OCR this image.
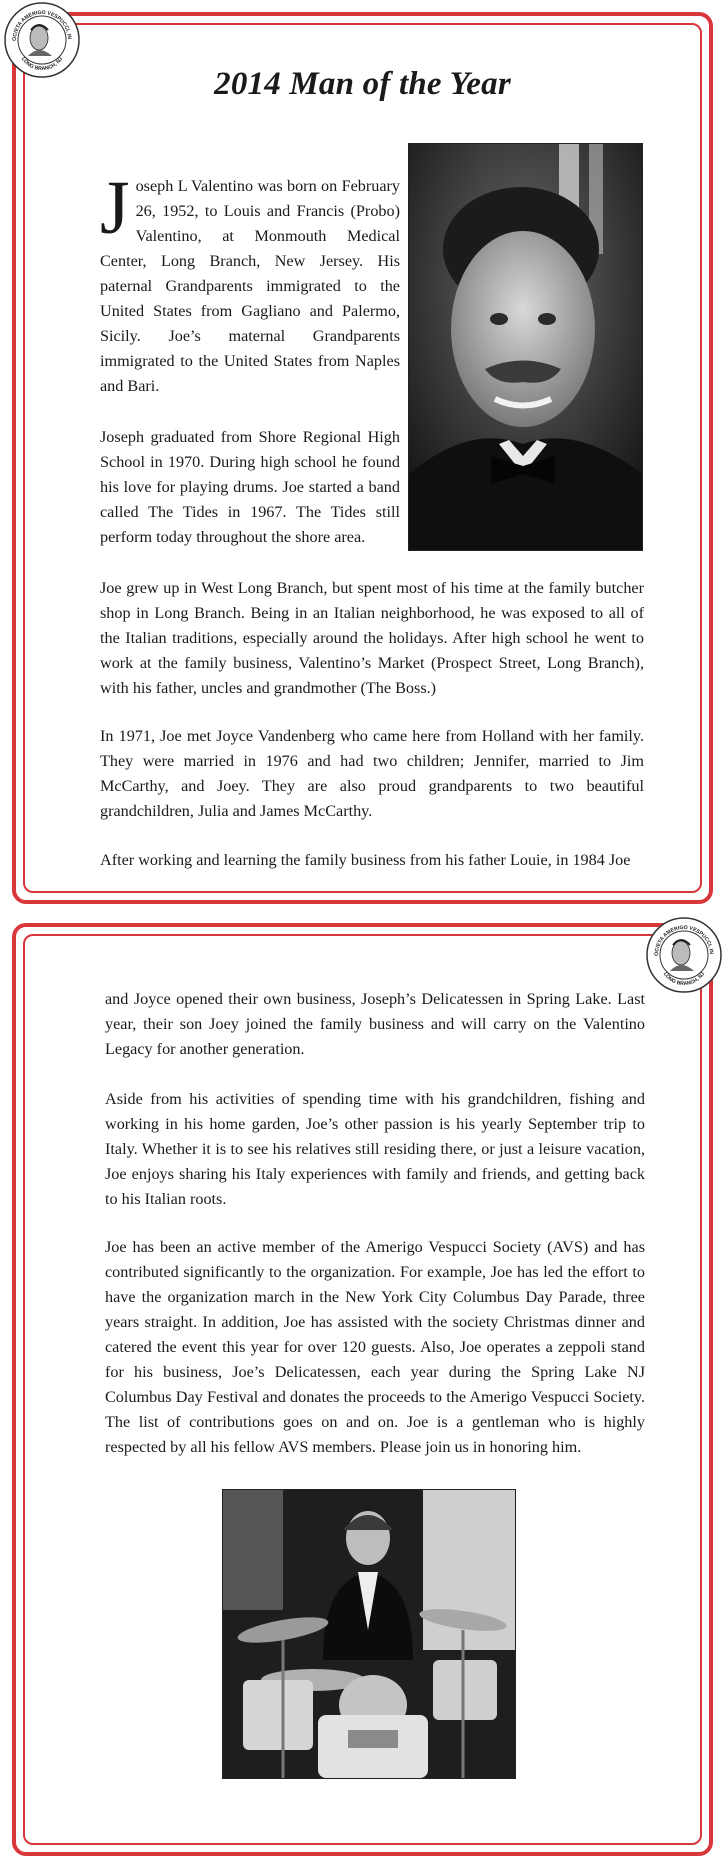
OCIETA AMERIGO VESPUCCI, IN
LONG BRANCH, NJ
2014 Man of the Year
Joseph L Valentino was born on February 26, 1952, to Louis and Francis (Probo) Valentino, at Monmouth Medical Center, Long Branch, New Jersey. His paternal Grandparents immigrated to the United States from Gagliano and Palermo, Sicily. Joe’s maternal Grandparents immigrated to the United States from Naples and Bari.

Joseph graduated from Shore Regional High School in 1970. During high school he found his love for playing drums. Joe started a band called The Tides in 1967. The Tides still perform today throughout the shore area.

Joe grew up in West Long Branch, but spent most of his time at the family butcher shop in Long Branch. Being in an Italian neighborhood, he was exposed to all of the Italian traditions, especially around the holidays. After high school he went to work at the family business, Valentino’s Market (Prospect Street, Long Branch), with his father, uncles and grandmother (The Boss.)

In 1971, Joe met Joyce Vandenberg who came here from Holland with her family. They were married in 1976 and had two children; Jennifer, married to Jim McCarthy, and Joey. They are also proud grandparents to two beautiful grandchildren, Julia and James McCarthy.

After working and learning the family business from his father Louie, in 1984 Joe

OCIETA AMERIGO VESPUCCI, IN
LONG BRANCH, NJ

and Joyce opened their own business, Joseph’s Delicatessen in Spring Lake. Last year, their son Joey joined the family business and will carry on the Valentino Legacy for another generation.

Aside from his activities of spending time with his grandchildren, fishing and working in his home garden, Joe’s other passion is his yearly September trip to Italy. Whether it is to see his relatives still residing there, or just a leisure vacation, Joe enjoys sharing his Italy experiences with family and friends, and getting back to his Italian roots.

Joe has been an active member of the Amerigo Vespucci Society (AVS) and has contributed significantly to the organization. For example, Joe has led the effort to have the organization march in the New York City Columbus Day Parade, three years straight. In addition, Joe has assisted with the society Christmas dinner and catered the event this year for over 120 guests. Also, Joe operates a zeppoli stand for his business, Joe’s Delicatessen, each year during the Spring Lake NJ Columbus Day Festival and donates the proceeds to the Amerigo Vespucci Society. The list of contributions goes on and on. Joe is a gentleman who is highly respected by all his fellow AVS members. Please join us in honoring him.
